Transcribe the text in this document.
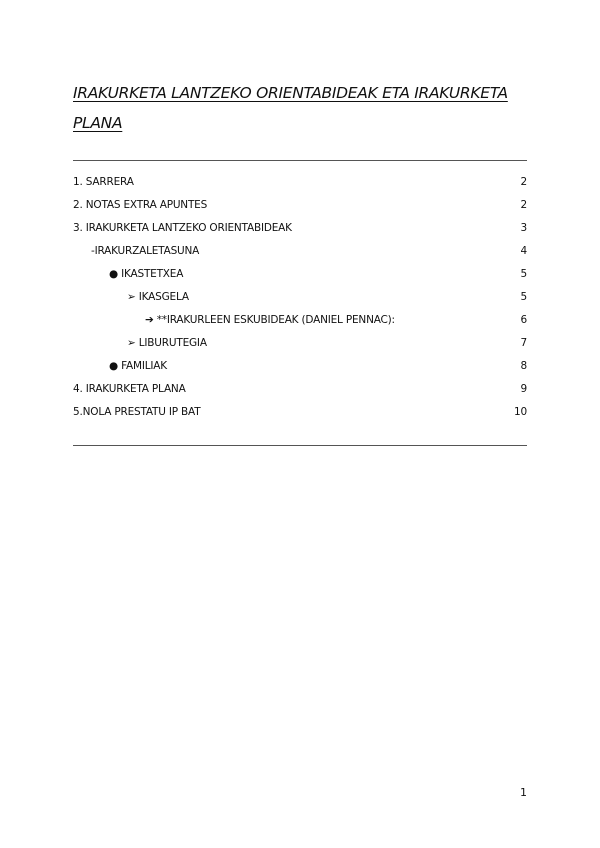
IRAKURKETA LANTZEKO ORIENTABIDEAK ETA IRAKURKETA PLANA
1. SARRERA	2
2. NOTAS EXTRA APUNTES	2
3. IRAKURKETA LANTZEKO ORIENTABIDEAK	3
-IRAKURZALETASUNA	4
● IKASTETXEA	5
➢ IKASGELA	5
➔ **IRAKURLEEN ESKUBIDEAK (DANIEL PENNAC):	6
➢ LIBURUTEGIA	7
● FAMILIAK	8
4. IRAKURKETA PLANA	9
5.NOLA PRESTATU IP BAT	10
1
